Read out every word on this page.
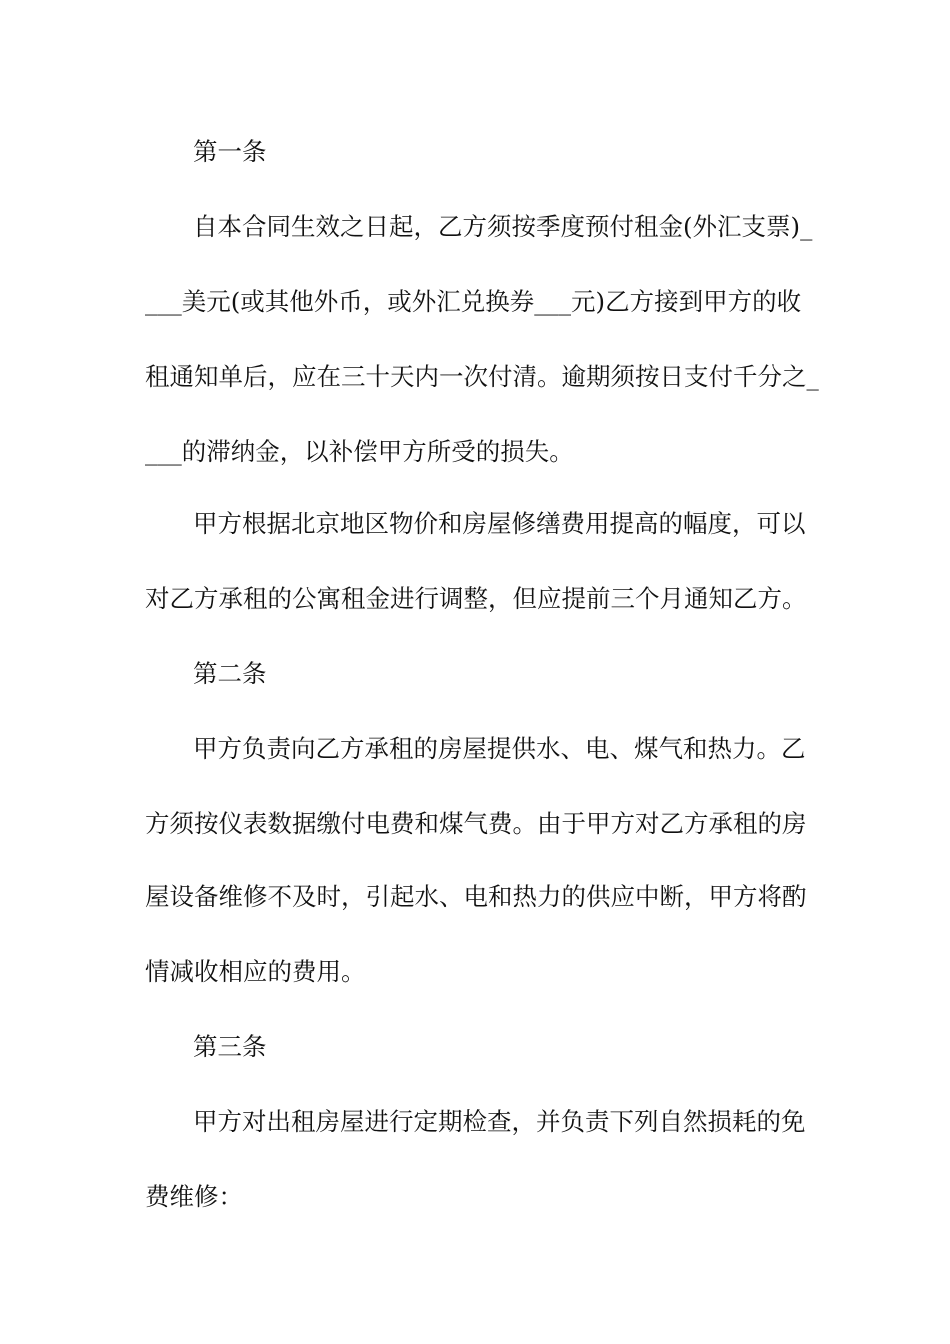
第一条
自本合同生效之日起，乙方须按季度预付租金(外汇支票)_
___美元(或其他外币，或外汇兑换券___元)乙方接到甲方的收
租通知单后，应在三十天内一次付清。逾期须按日支付千分之_
___的滞纳金，以补偿甲方所受的损失。
甲方根据北京地区物价和房屋修缮费用提高的幅度，可以
对乙方承租的公寓租金进行调整，但应提前三个月通知乙方。
第二条
甲方负责向乙方承租的房屋提供水、电、煤气和热力。乙
方须按仪表数据缴付电费和煤气费。由于甲方对乙方承租的房
屋设备维修不及时，引起水、电和热力的供应中断，甲方将酌
情减收相应的费用。
第三条
甲方对出租房屋进行定期检查，并负责下列自然损耗的免
费维修：
